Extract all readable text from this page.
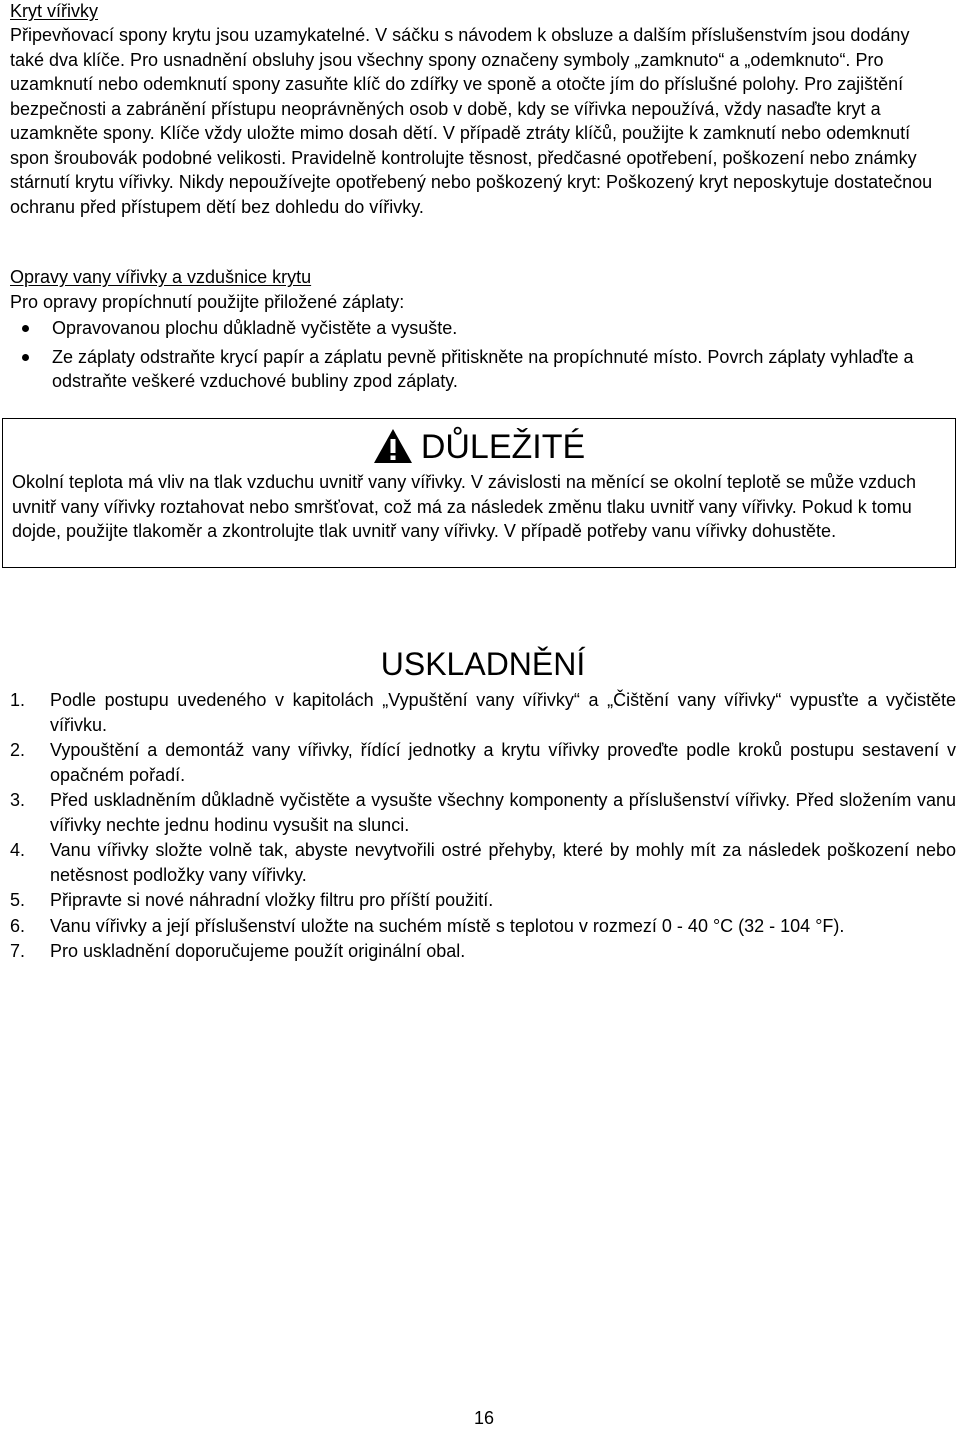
Kryt vířivky

Připevňovací spony krytu jsou uzamykatelné. V sáčku s návodem k obsluze a dalším příslušenstvím jsou dodány také dva klíče. Pro usnadnění obsluhy jsou všechny spony označeny symboly „zamknuto“ a „odemknuto“. Pro uzamknutí nebo odemknutí spony zasuňte klíč do zdířky ve sponě a otočte jím do příslušné polohy. Pro zajištění bezpečnosti a zabránění přístupu neoprávněných osob v době, kdy se vířivka nepoužívá, vždy nasaďte kryt a uzamkněte spony. Klíče vždy uložte mimo dosah dětí. V případě ztráty klíčů, použijte k zamknutí nebo odemknutí spon šroubovák podobné velikosti. Pravidelně kontrolujte těsnost, předčasné opotřebení, poškození nebo známky stárnutí krytu vířivky. Nikdy nepoužívejte opotřebený nebo poškozený kryt: Poškozený kryt neposkytuje dostatečnou ochranu před přístupem dětí bez dohledu do vířivky.

Opravy vany vířivky a vzdušnice krytu

Pro opravy propíchnutí použijte přiložené záplaty:

Opravovanou plochu důkladně vyčistěte a vysušte.
Ze záplaty odstraňte krycí papír a záplatu pevně přitiskněte na propíchnuté místo. Povrch záplaty vyhlaďte a odstraňte veškeré vzduchové bubliny zpod záplaty.
DŮLEŽITÉ

Okolní teplota má vliv na tlak vzduchu uvnitř vany vířivky. V závislosti na měnící se okolní teplotě se může vzduch uvnitř vany vířivky roztahovat nebo smršťovat, což má za následek změnu tlaku uvnitř vany vířivky. Pokud k tomu dojde, použijte tlakoměr a zkontrolujte tlak uvnitř vany vířivky. V případě potřeby vanu vířivky dohustěte.

USKLADNĚNÍ
1. Podle postupu uvedeného v kapitolách „Vypuštění vany vířivky“ a „Čištění vany vířivky“ vypusťte a vyčistěte vířivku.
2. Vypouštění a demontáž vany vířivky, řídící jednotky a krytu vířivky proveďte podle kroků postupu sestavení v opačném pořadí.
3. Před uskladněním důkladně vyčistěte a vysušte všechny komponenty a příslušenství vířivky. Před složením vanu vířivky nechte jednu hodinu vysušit na slunci.
4. Vanu vířivky složte volně tak, abyste nevytvořili ostré přehyby, které by mohly mít za následek poškození nebo netěsnost podložky vany vířivky.
5. Připravte si nové náhradní vložky filtru pro příští použití.
6. Vanu vířivky a její příslušenství uložte na suchém místě s teplotou v rozmezí 0 - 40 °C (32 - 104 °F).
7. Pro uskladnění doporučujeme použít originální obal.
16
